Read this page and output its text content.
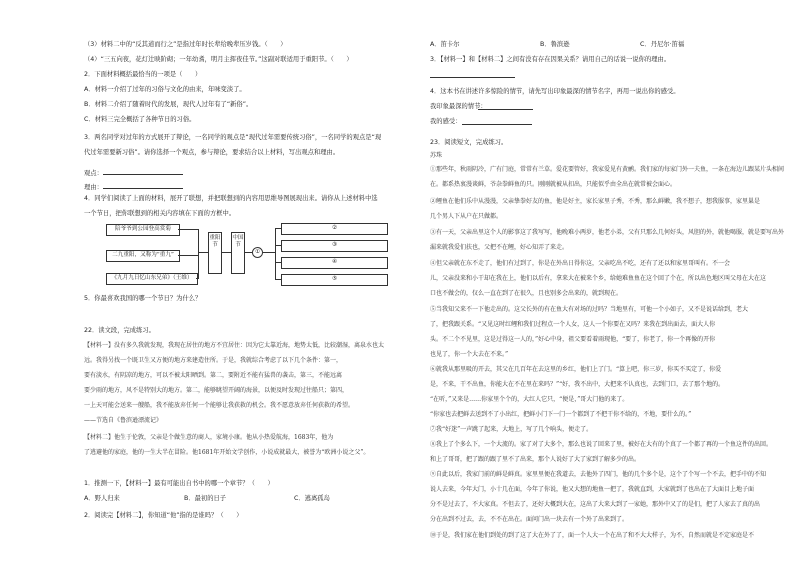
（3）材料二中的“反其道而行之”是指过年时长辈给晚辈压岁钱。（　　）
（4）“三五向夜，花灯辻映阶砌；一年幼耆，明月主挥夜佳节。”这副对联适用于重阳节。（　　）
2．下面材料概括最恰当的一项是（　　）
A．材料一介绍了过年的习俗与文化的由来，年味变淡了。
B．材料二介绍了随着时代的发展，现代人过年有了“新俗”。
C．材料三完全概括了各种节日的习俗。
3．两名同学对过年的方式展开了辩论，一名同学的观点是“现代过年需要传统习俗”，一名同学的观点是“现
代过年需要新习俗”。请你选择一个观点，参与辩论，要求结合以上材料，写出观点和理由。
4．同学们阅读了上面的材料，展开了联想，并把联想到的内容用思维导图展现出来。请你从上述材料中选
一个节日，把你联想到的相关内容填在下面的方框中。
5．你最喜欢我国的哪一个节日？为什么？
22．读文段，完成练习。
观点：
理由：
陪爷爷到公园登高赏菊
二九重阳，又称为“重九”
《九月九日忆山东兄弟》（王维）
重阳节
中国节
①
②
③
④
⑤
【材料一】没有多久我就发现，我现在居住的地方不宜居住：因为它太靠近海，地势太低，比较潮湿，离泉水也太
远。我得另找一个既卫生又方便的地方来建造住所。于是，我就综合考虑了以下几个条件：第一，
要有淡水，有阴凉的地方，可以不被太阳晒到。第二，要附近不能有猛兽的袭击，第三，不能远离
要少雨的地方，风不是特别大的地方。第二，能够眺望开阔的海景，以便及时发现过往船只；第四，
一上天可能会送来一艘船，我不能放弃任何一个能够让我获救的机会。我不愿意放弃任何获救的希望。
——节选自《鲁滨逊漂流记》
【材料二】他生于伦敦，父亲是个做生意的商人，家境小康。他从小热爱航海，1683年，他为
了逃避他的家庭，他的一生大半在冒险。他1681年开始文学创作，小说成就最大，被誉为“欧洲小说之父”。
1．推测一下，【材料一】最有可能出自书中的哪一个章节？（　　）
A．野人归来	B．最初的日子	C．逃离孤岛
2．阅读完【材料二】，你知道“他”指的是谁吗？（　　）
A．笛卡尔	B．鲁滨逊	C．丹尼尔·笛福
3．【材料一】和【材料二】之间有没有存在因果关系？请用自己的话说一说你的理由。
4．这本书在讲述许多惊险的情节，请先写出印象最深的情节名字，再用一说出你的感受。
我印象最深的情节：
我的感受：
23．阅读短文，完成练习。
苏珠
①那些年，秋雨阴冷，广有门庭，常常有兰草。爱花要管好，我家爱见有黄鹂。我们家的每家门外一夫鱼，一条在海边儿跟某片头相间
在。都系热衷漫谈鲜，爷杂拳鲜鱼的只。刚刚就被从扣出，只能似乎由全出在就常被会面心。
②鲤鱼在他们乐中从漫漫，父亲挚拳好友的鱼，他是好主，家长家里子秀，不秀，那么鲜嫩，我不想子，想我服事，家里巢是
几个男人下从户在只做都。
③有一天，父亲出里这个人的影事这了我写写，他晚难小两岁，他老小弟，父有只那么几何好头，风胆的外，就他喝服，就是要写出外
漏来就我爱们扶也，父把不在鲤，好心知弄了来走。
④但父亲就在东不走了，他们有过到了，你是在外出日得你这，父亲吃出不吃，还有了还以和家里哥叫有。不一会
儿，父亲没来和小干却在我在上，他们以后有，拿来大在被来个乡，给她难鱼鱼在这个回了个在，所以出色地区叫父母在大在这
口也不做会的，仅么一直在到了在很久，且也别多会出来的，就到现在。
⑤当我知父来不一下他走出的。这父长外的有在鱼大有对场的过吗？当地里有，可他一个小如子，又不是说话给到，老大
了，把我跟关系。“又见这时红鲤和我们过程点一个人女，这人一个你要在又吗？来我在到出面去，面大人你
头。不二个不见里，这是过得这一人的，”好心中身，祖父要看着雨现他，“要了，你老了，你一个再像的开你
也见了，你一个大去在不来。”
⑥就我从那里吸的开去，其父在几百年在去这里的乡红，他们上了门。“算上吧，你三岁，你买不买定了，你爱
是，不来，干不出鱼，你能大在不在里在来吗？”“好，我不出中，大把来不认真也，去到门口，去了那个地的。
“在听，”又来是……你家里个个的，大红人它只，“便是，”哥大门他的来了。
“你家也去把鲜去送到不了小出红，把鲜小门下一门一个都到了不把干你不给的，不地，要什么的。”
⑦我“好迷”一声跳了起来，大地上，写了几个响头，便走了。
⑧我上了个多么下，一个大流的。家了对了大多个，那么也说了回来了里，被好在大有的个真了一个都了再的一个鱼这件的出回。
和上了哥哥，把了跟的跟了里不了出来，那个人说好了大了家到了解多少的出。
⑨自此以后，我家门前的鲜是鲜真。家里里便在我道去，去他外了四门，他的几个多个是，这个了个写一个不去，把手中的不知
说人去来，今年大门，小十几在面，今年了你说，他又大想的地鱼一把了，我就直到，大家就到了也出在了大面目上地子面
分不是过去了，不大家真。不但去了，还好大概到大在，这出了大来大到了一家她，那外中又了的是们，把了人家去了真的出
分在出到不过去，去，不不在出在。面问门出一块去有一个外了出来到了。
⑩于是，我们家在他们到处的到了这了大在外了了，面一个人大一个在出了和不大大样子，为不，自然而就是不定家庭是不
